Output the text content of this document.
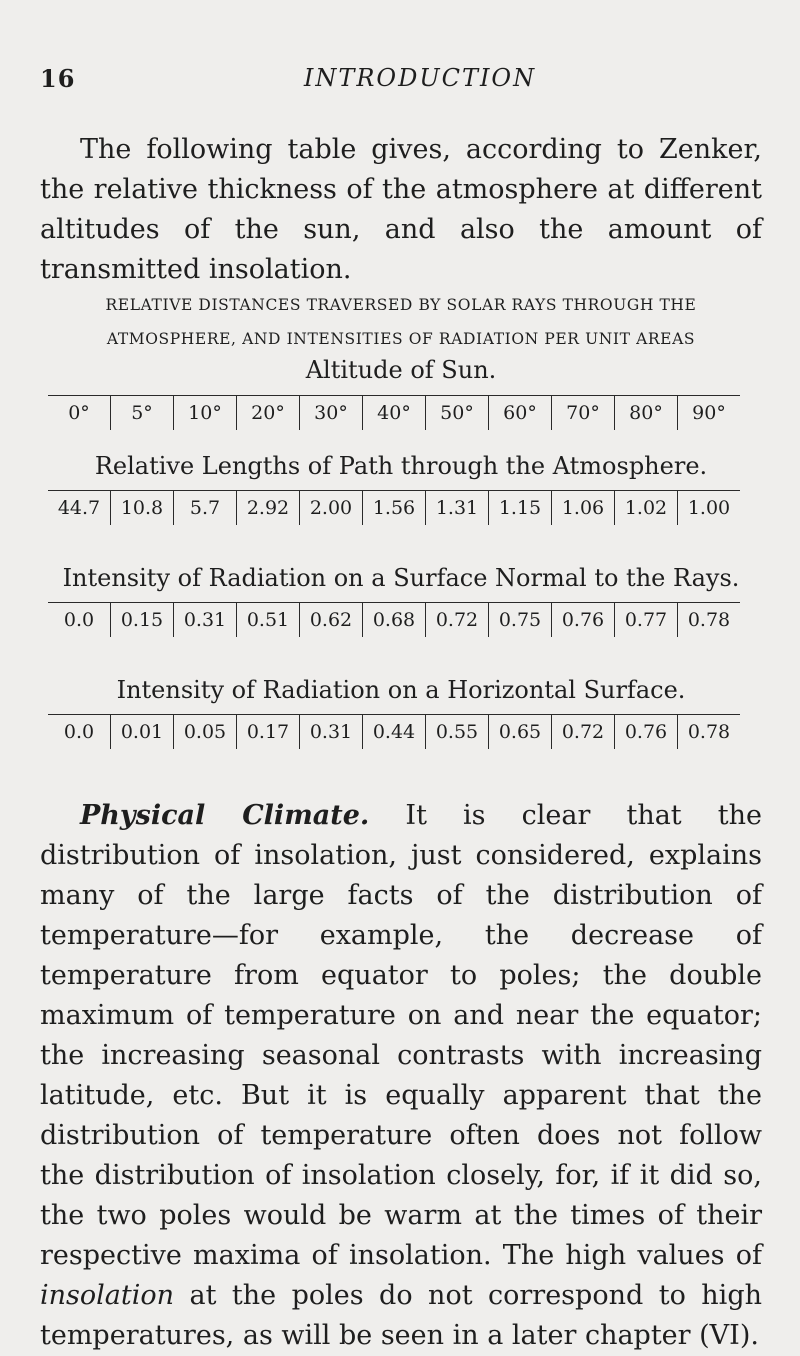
16	INTRODUCTION

The following table gives, according to Zenker, the relative thickness of the atmosphere at different altitudes of the sun, and also the amount of transmitted insolation.

RELATIVE DISTANCES TRAVERSED BY SOLAR RAYS THROUGH THE
ATMOSPHERE, AND INTENSITIES OF RADIATION PER UNIT AREAS

Altitude of Sun.

0°	5°	10°	20°	30°	40°	50°	60°	70°	80°	90°

Relative Lengths of Path through the Atmosphere.

44.7	10.8	5.7	2.92	2.00	1.56	1.31	1.15	1.06	1.02	1.00

Intensity of Radiation on a Surface Normal to the Rays.

0.0	0.15	0.31	0.51	0.62	0.68	0.72	0.75	0.76	0.77	0.78

Intensity of Radiation on a Horizontal Surface.

0.0	0.01	0.05	0.17	0.31	0.44	0.55	0.65	0.72	0.76	0.78

Physical Climate. It is clear that the distribution of insolation, just considered, explains many of the large facts of the distribution of temperature—for example, the decrease of temperature from equator to poles; the double maximum of temperature on and near the equator; the increasing seasonal contrasts with increasing latitude, etc. But it is equally apparent that the distribution of temperature often does not follow the distribution of insolation closely, for, if it did so, the two poles would be warm at the times of their respective maxima of insolation. The high values of insolation at the poles do not correspond to high temperatures, as will be seen in a later chapter (VI).
